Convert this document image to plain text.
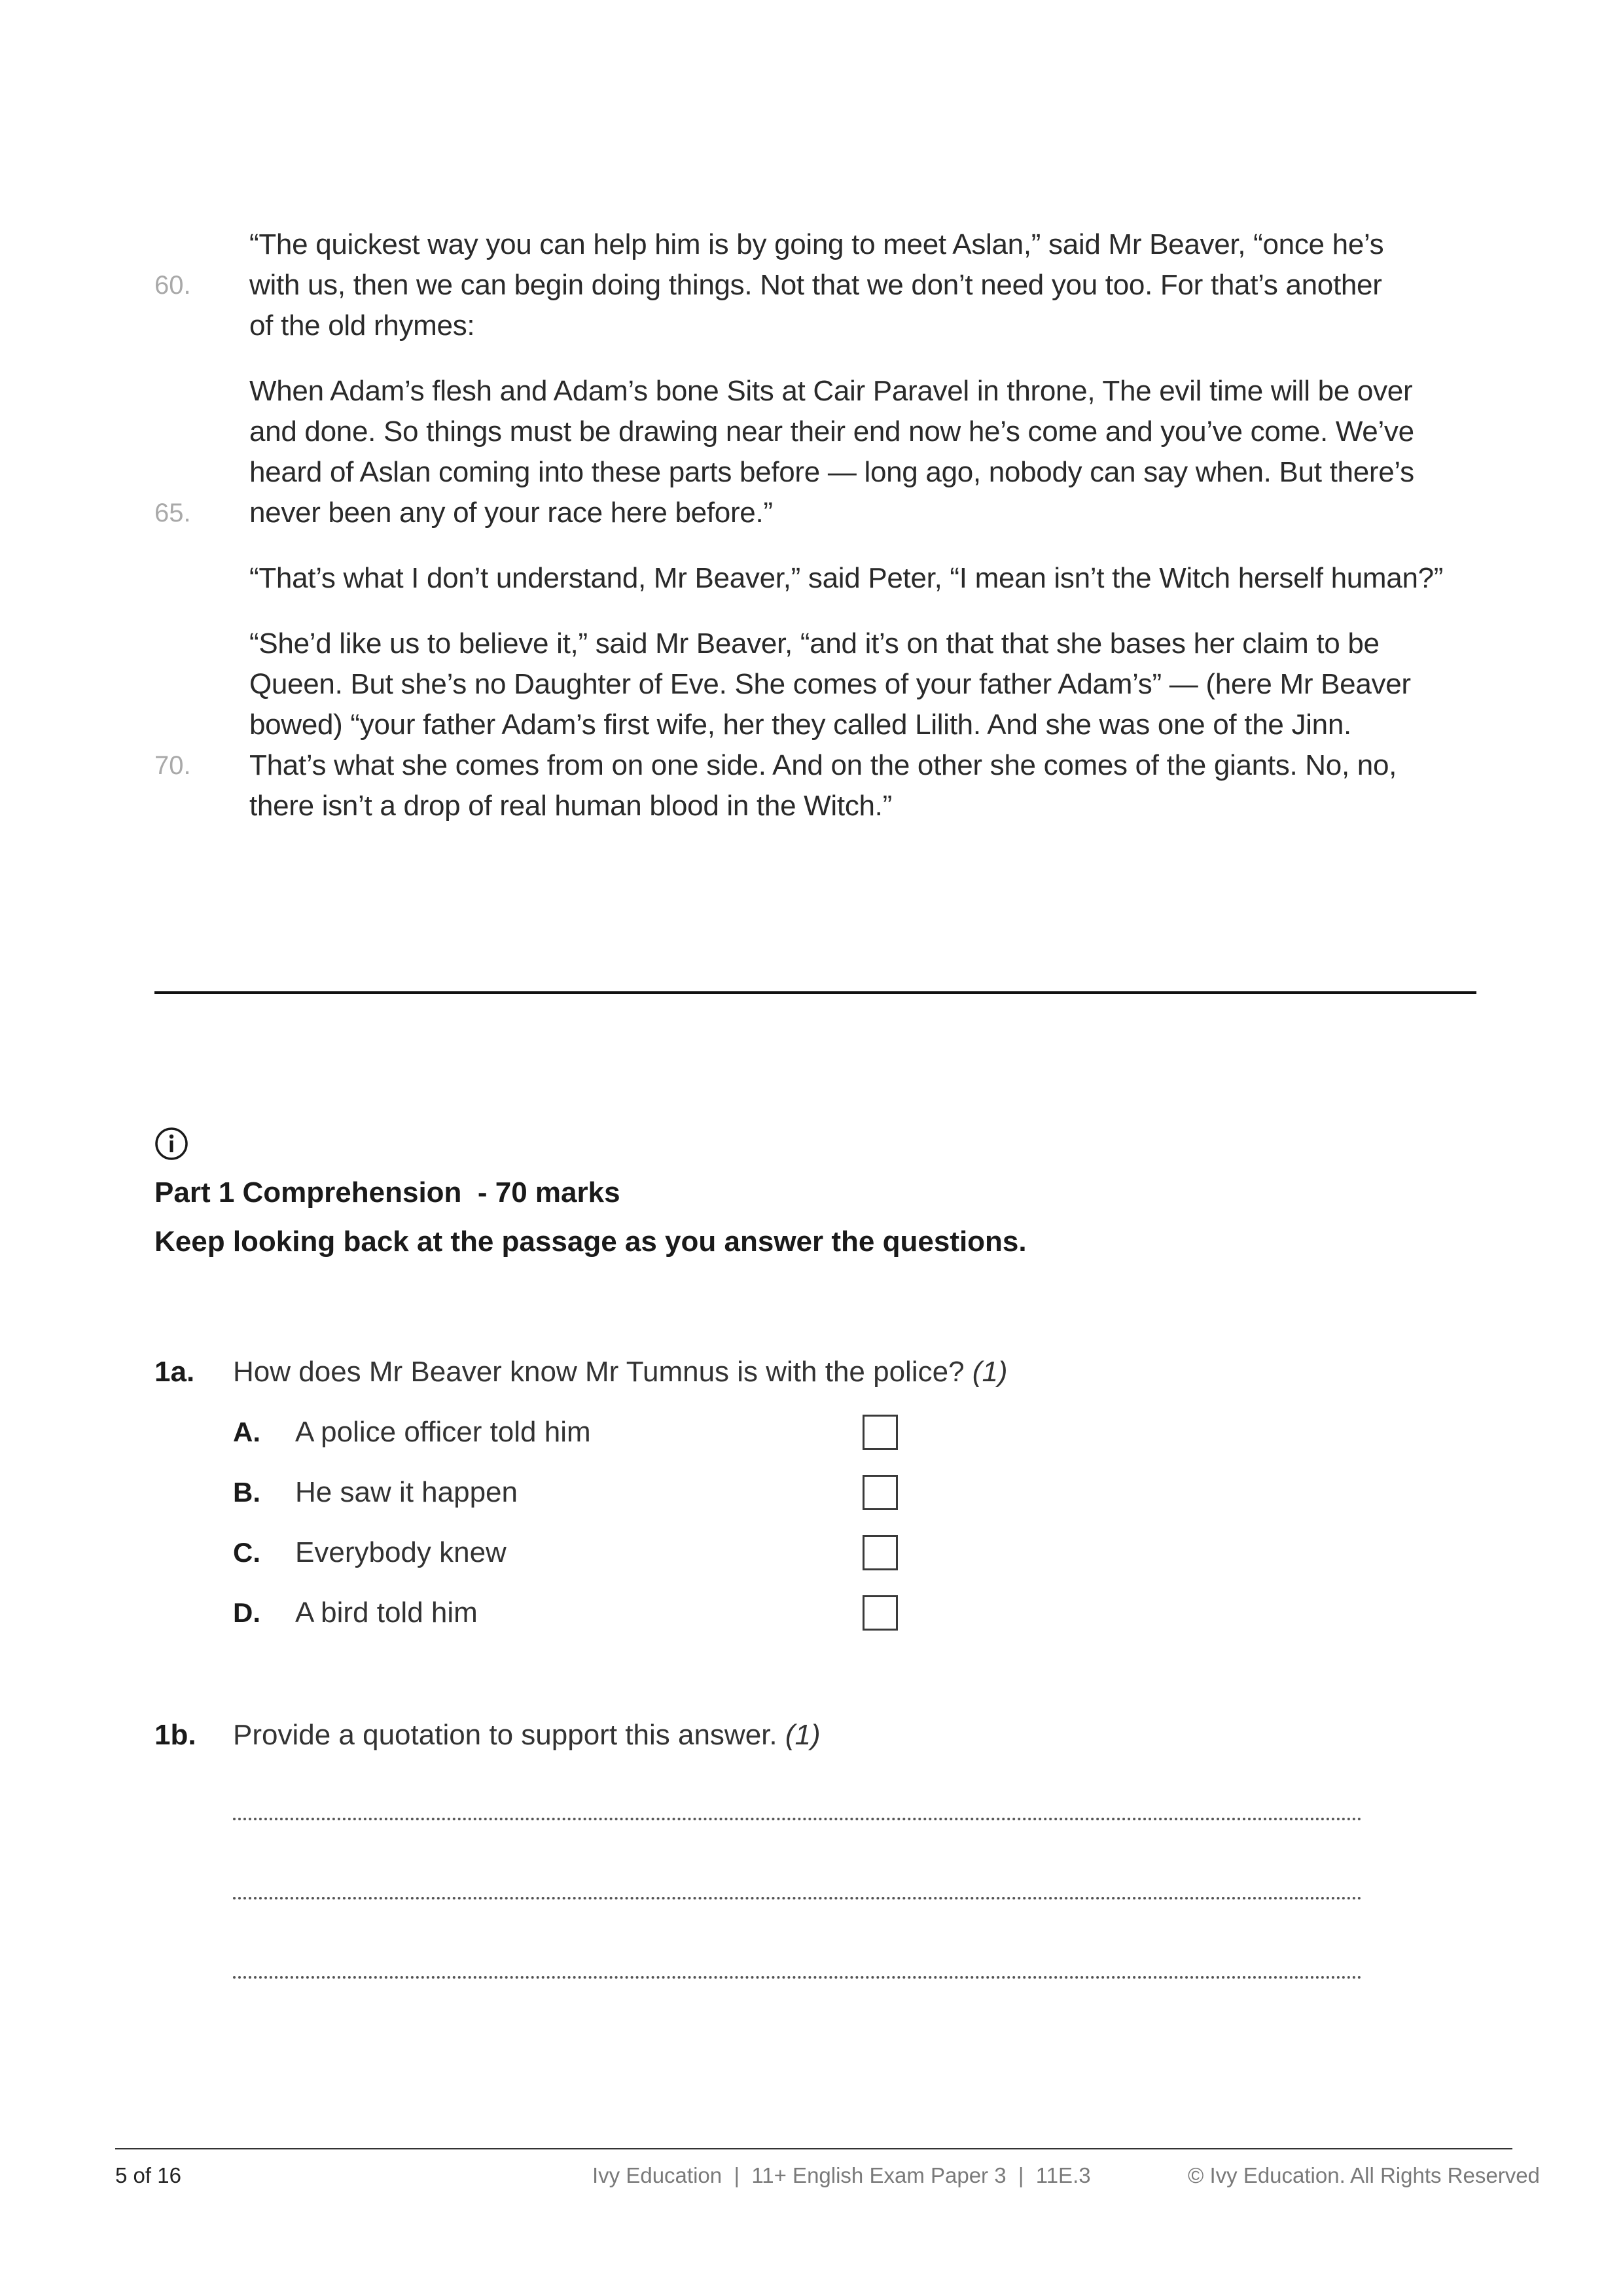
“The quickest way you can help him is by going to meet Aslan,” said Mr Beaver, “once he’s
60. with us, then we can begin doing things. Not that we don’t need you too. For that’s another
of the old rhymes:
When Adam’s flesh and Adam’s bone Sits at Cair Paravel in throne, The evil time will be over
and done. So things must be drawing near their end now he’s come and you’ve come. We’ve
heard of Aslan coming into these parts before — long ago, nobody can say when. But there’s
65. never been any of your race here before.”
“That’s what I don’t understand, Mr Beaver,” said Peter, “I mean isn’t the Witch herself human?”
“She’d like us to believe it,” said Mr Beaver, “and it’s on that that she bases her claim to be
Queen. But she’s no Daughter of Eve. She comes of your father Adam’s” — (here Mr Beaver
bowed) “your father Adam’s first wife, her they called Lilith. And she was one of the Jinn.
70. That’s what she comes from on one side. And on the other she comes of the giants. No, no,
there isn’t a drop of real human blood in the Witch.”
Part 1 Comprehension  - 70 marks
Keep looking back at the passage as you answer the questions.
1a. How does Mr Beaver know Mr Tumnus is with the police? (1)
A. A police officer told him
B. He saw it happen
C. Everybody knew
D. A bird told him
1b. Provide a quotation to support this answer. (1)
5 of 16	Ivy Education  |  11+ English Exam Paper 3  |  11E.3	© Ivy Education. All Rights Reserved
